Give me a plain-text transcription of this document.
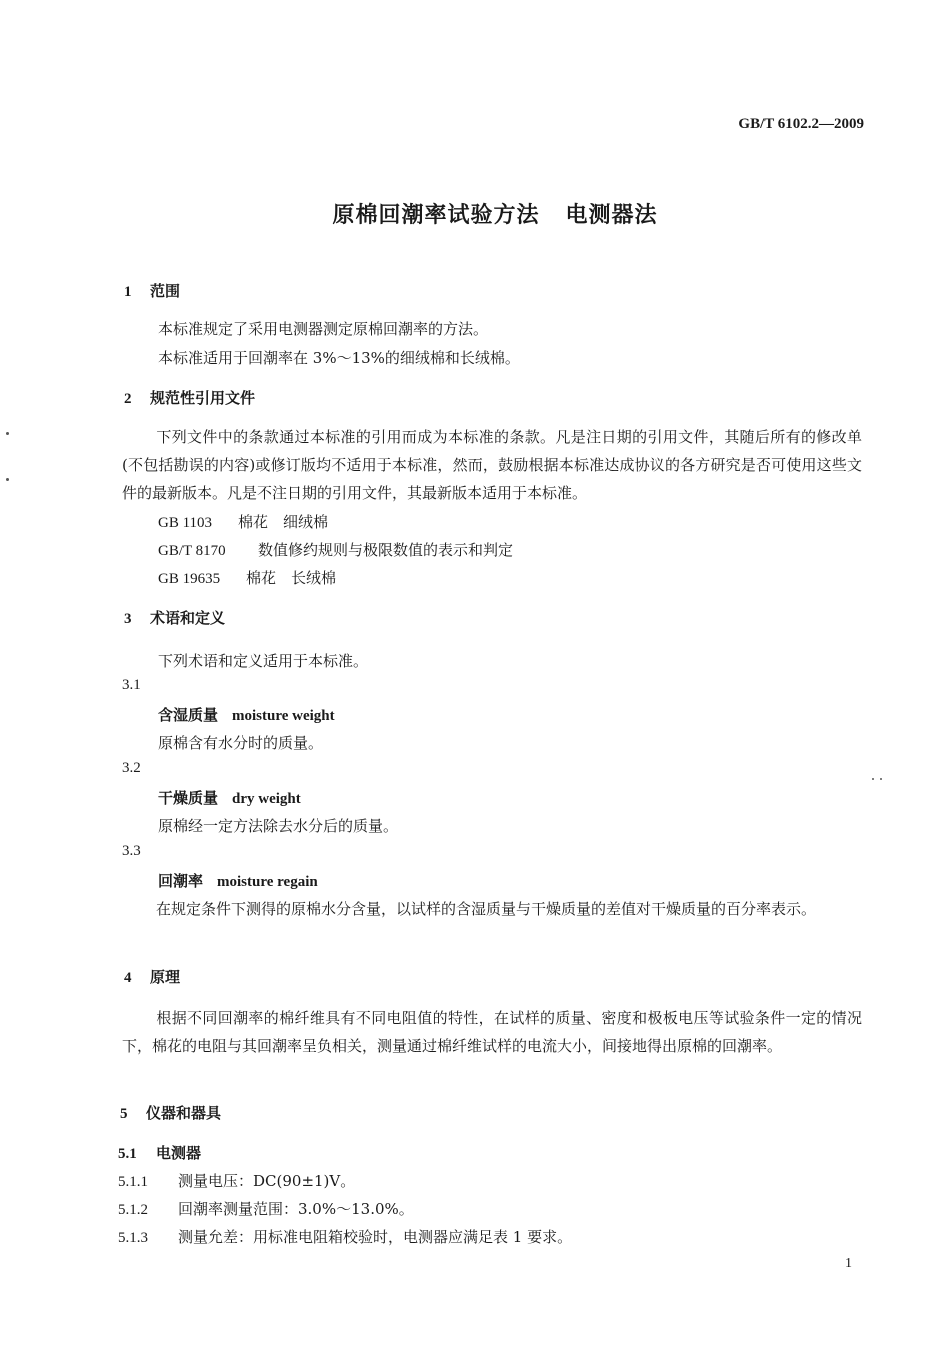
GB/T 6102.2—2009
原棉回潮率试验方法 电测器法
1 范围
本标准规定了采用电测器测定原棉回潮率的方法。
本标准适用于回潮率在 3%～13%的细绒棉和长绒棉。
2 规范性引用文件
下列文件中的条款通过本标准的引用而成为本标准的条款。凡是注日期的引用文件，其随后所有的修改单(不包括勘误的内容)或修订版均不适用于本标准，然而，鼓励根据本标准达成协议的各方研究是否可使用这些文件的最新版本。凡是不注日期的引用文件，其最新版本适用于本标准。
GB 1103 棉花　细绒棉
GB/T 8170 数值修约规则与极限数值的表示和判定
GB 19635 棉花　长绒棉
3 术语和定义
下列术语和定义适用于本标准。
3.1
含湿质量 moisture weight
原棉含有水分时的质量。
3.2
干燥质量 dry weight
原棉经一定方法除去水分后的质量。
3.3
回潮率 moisture regain
在规定条件下测得的原棉水分含量，以试样的含湿质量与干燥质量的差值对干燥质量的百分率表示。
4 原理
根据不同回潮率的棉纤维具有不同电阻值的特性，在试样的质量、密度和极板电压等试验条件一定的情况下，棉花的电阻与其回潮率呈负相关，测量通过棉纤维试样的电流大小，间接地得出原棉的回潮率。
5 仪器和器具
5.1 电测器
5.1.1 测量电压：DC(90±1)V。
5.1.2 回潮率测量范围：3.0%～13.0%。
5.1.3 测量允差：用标准电阻箱校验时，电测器应满足表 1 要求。
1
